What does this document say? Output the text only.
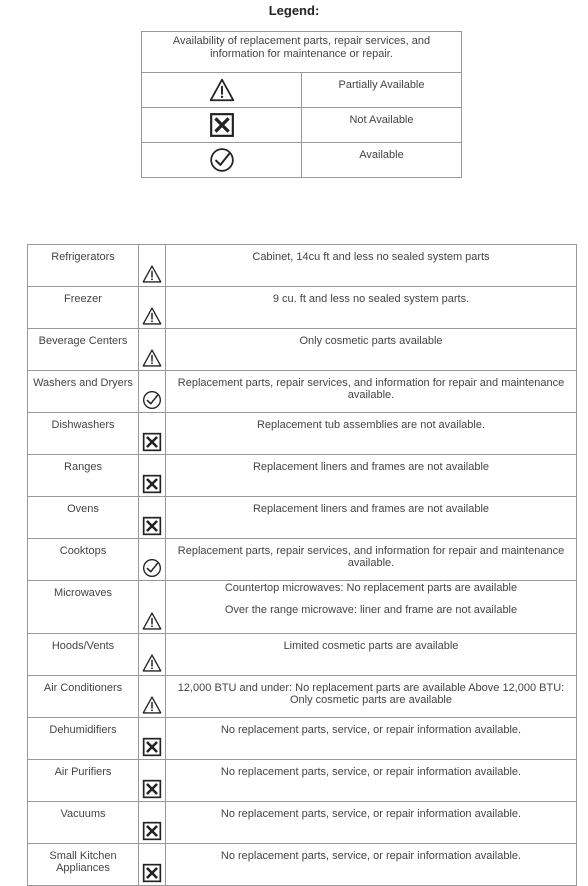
Legend:
Availability of replacement parts, repair services, and information for maintenance or repair.	
	Partially Available
	Not Available
	Available
Refrigerators		Cabinet, 14cu ft and less no sealed system parts
Freezer		9 cu. ft and less no sealed system parts.
Beverage Centers		Only cosmetic parts available
Washers and Dryers		Replacement parts, repair services, and information for repair and maintenance available.
Dishwashers		Replacement tub assemblies are not available.
Ranges		Replacement liners and frames are not available
Ovens		Replacement liners and frames are not available
Cooktops		Replacement parts, repair services, and information for repair and maintenance available.
Microwaves		Countertop microwaves: No replacement parts are available
Over the range microwave: liner and frame are not available

Hoods/Vents		Limited cosmetic parts are available
Air Conditioners		12,000 BTU and under: No replacement parts are available Above 12,000 BTU: Only cosmetic parts are available
Dehumidifiers		No replacement parts, service, or repair information available.
Air Purifiers		No replacement parts, service, or repair information available.
Vacuums		No replacement parts, service, or repair information available.
Small Kitchen Appliances		No replacement parts, service, or repair information available.
